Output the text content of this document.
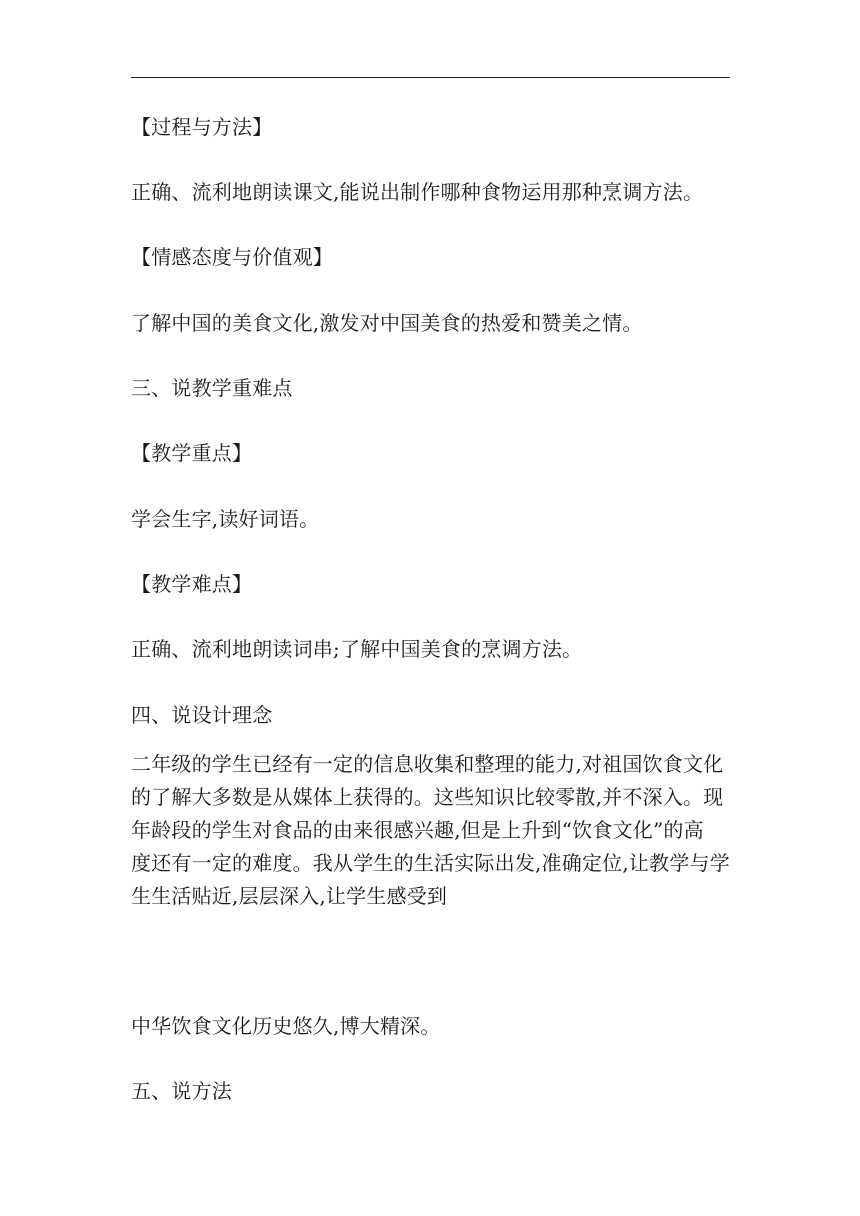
【过程与方法】
正确、流利地朗读课文,能说出制作哪种食物运用那种烹调方法。
【情感态度与价值观】
了解中国的美食文化,激发对中国美食的热爱和赞美之情。
三、说教学重难点
【教学重点】
学会生字,读好词语。
【教学难点】
正确、流利地朗读词串;了解中国美食的烹调方法。
四、说设计理念
二年级的学生已经有一定的信息收集和整理的能力,对祖国饮食文化
的了解大多数是从媒体上获得的。这些知识比较零散,并不深入。现
年龄段的学生对食品的由来很感兴趣,但是上升到“饮食文化”的高
度还有一定的难度。我从学生的生活实际出发,准确定位,让教学与学
生生活贴近,层层深入,让学生感受到
中华饮食文化历史悠久,博大精深。
五、说方法
